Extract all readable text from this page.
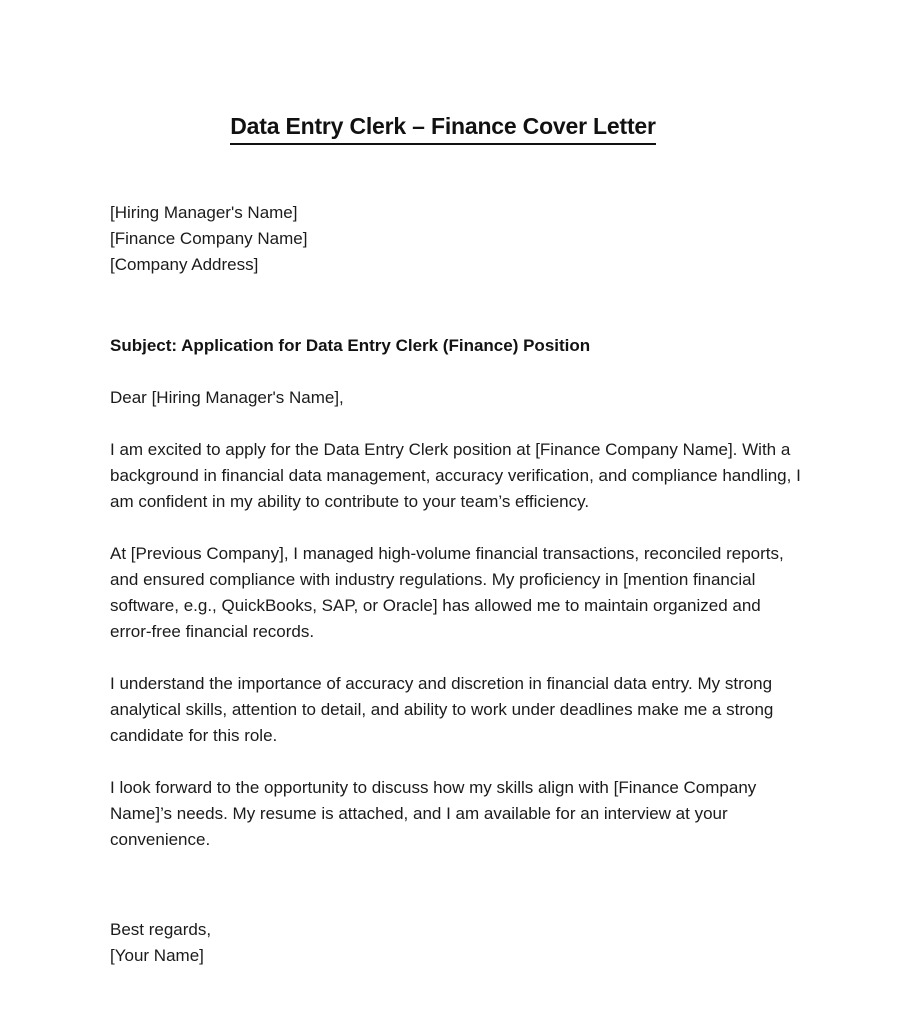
Data Entry Clerk – Finance Cover Letter
[Hiring Manager's Name]
[Finance Company Name]
[Company Address]
Subject: Application for Data Entry Clerk (Finance) Position
Dear [Hiring Manager's Name],

I am excited to apply for the Data Entry Clerk position at [Finance Company Name]. With a background in financial data management, accuracy verification, and compliance handling, I am confident in my ability to contribute to your team’s efficiency.

At [Previous Company], I managed high-volume financial transactions, reconciled reports, and ensured compliance with industry regulations. My proficiency in [mention financial software, e.g., QuickBooks, SAP, or Oracle] has allowed me to maintain organized and error-free financial records.

I understand the importance of accuracy and discretion in financial data entry. My strong analytical skills, attention to detail, and ability to work under deadlines make me a strong candidate for this role.

I look forward to the opportunity to discuss how my skills align with [Finance Company Name]’s needs. My resume is attached, and I am available for an interview at your convenience.

Best regards,
[Your Name]
